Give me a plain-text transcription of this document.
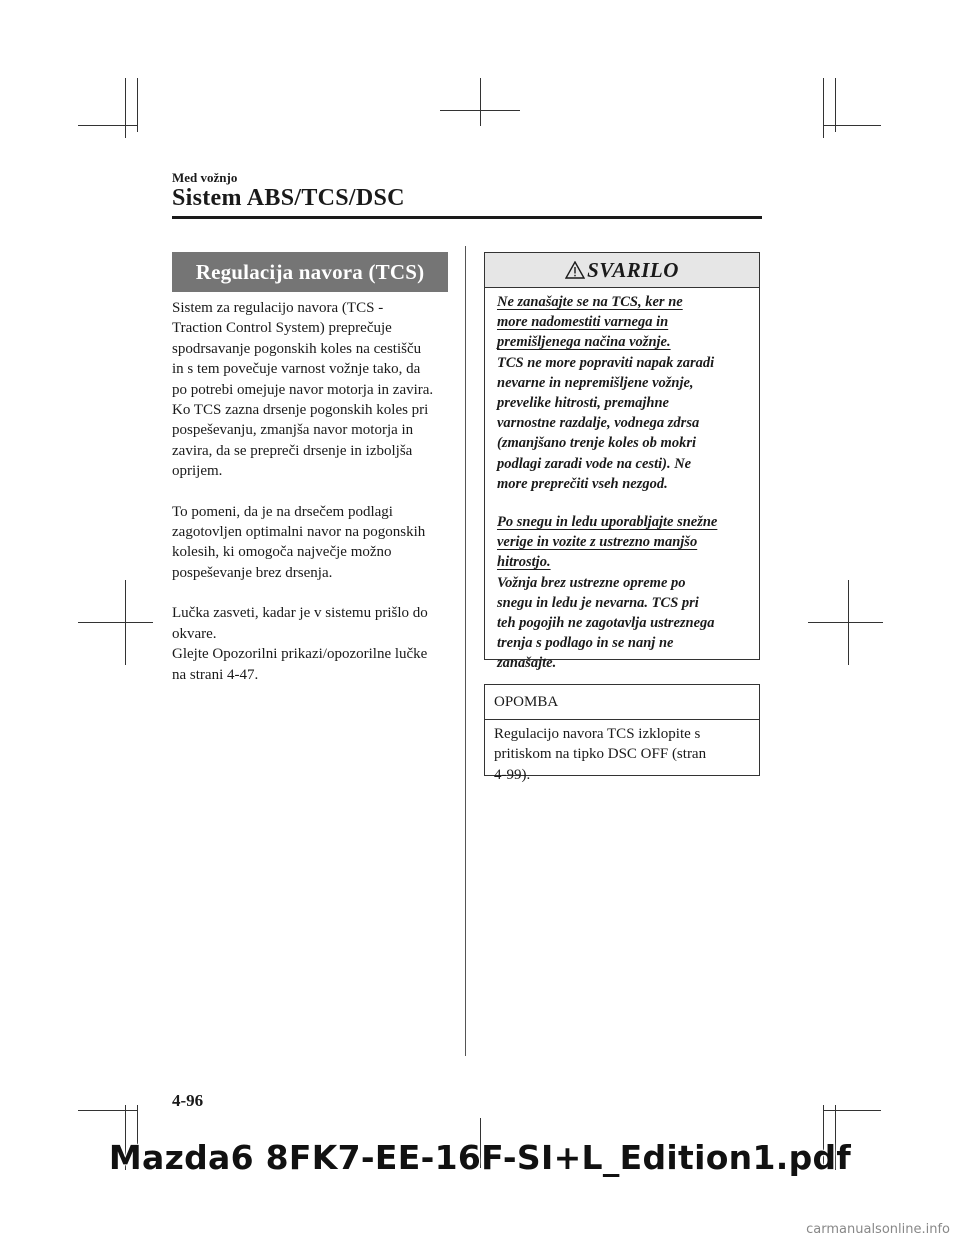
Med vožnjo
Sistem ABS/TCS/DSC
Regulacija navora (TCS)

Sistem za regulacijo navora (TCS -
Traction Control System) preprečuje
spodrsavanje pogonskih koles na cestišču
in s tem povečuje varnost vožnje tako, da
po potrebi omejuje navor motorja in zavira.
Ko TCS zazna drsenje pogonskih koles pri
pospeševanju, zmanjša navor motorja in
zavira, da se prepreči drsenje in izboljša
oprijem.

To pomeni, da je na drsečem podlagi
zagotovljen optimalni navor na pogonskih
kolesih, ki omogoča največje možno
pospeševanje brez drsenja.

Lučka zasveti, kadar je v sistemu prišlo do
okvare.
Glejte Opozorilni prikazi/opozorilne lučke
na strani 4-47.

SVARILO
Ne zanašajte se na TCS, ker ne
more nadomestiti varnega in
premišljenega načina vožnje.
TCS ne more popraviti napak zaradi
nevarne in nepremišljene vožnje,
prevelike hitrosti, premajhne
varnostne razdalje, vodnega zdrsa
(zmanjšano trenje koles ob mokri
podlagi zaradi vode na cesti). Ne
more preprečiti vseh nezgod.
Po snegu in ledu uporabljajte snežne
verige in vozite z ustrezno manjšo
hitrostjo.
Vožnja brez ustrezne opreme po
snegu in ledu je nevarna. TCS pri
teh pogojih ne zagotavlja ustreznega
trenja s podlago in se nanj ne
zanašajte.
OPOMBA
Regulacijo navora TCS izklopite s
pritiskom na tipko DSC OFF (stran
4-99).
4-96
Mazda6 8FK7-EE-16F-SI+L_Edition1.pdf
carmanualsonline.info
